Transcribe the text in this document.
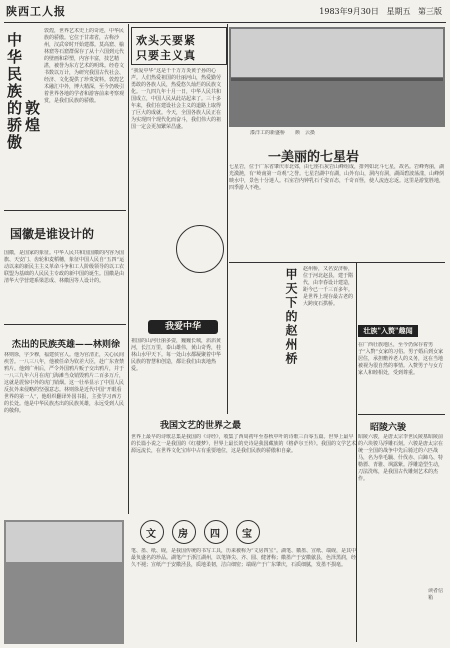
陕西工人报	1983年9月30日 星期五 第三版
中华民族的骄傲 敦煌
敦煌，世界艺术史上的奇迹，中华民族的骄傲。它位于甘肃省，古称沙州，汉武帝时开始建郡。莫高窟、榆林窟等石窟群保存了从十六国到元代的壁画和彩塑，内容丰富，技艺精湛，被誉为东方艺术的明珠。经卷文书数以万计，为研究我国古代社会、经济、文化提供了珍贵资料。敦煌艺术融汇中外，博大精深，至今仍吸引着世界各地的学者和游客前来考察观赏，是我们民族的骄傲。
欢头天要紧
只要主义真
“我爱中华”这是千千万万炎黄子孙的心声。人们热爱祖国的壮丽河山，热爱勤劳勇敢的各族人民，热爱悠久灿烂的民族文化。一九四九年十月一日，中华人民共和国成立，中国人民从此站起来了。三十多年来，我们在建设社会主义的道路上取得了巨大的成就。今天，全国各族人民正在为实现四个现代化而奋斗，我们伟大的祖国一定会更加繁荣昌盛。
漆洋工的新盛桥　　颜　云摄
一美丽的七星岩
七星岩，位于广东省肇庆市北郊，由七座石灰岩山峰组成，排列如北斗七星，故名。岩峰秀丽，湖光潋滟，有“岭南第一奇观”之誉。七星岩湖中有湖，山外有山，洞内有洞，湖面碧波荡漾，山峰倒映水中，景色十分迷人。石室岩内钟乳石千姿百态，千奇百怪，使人流连忘返。这里是游览胜地，四季游人不绝。
国徽是谁设计的
国徽，是国家的象征。中华人民共和国国徽的内容为国旗、天安门、齿轮和麦稻穗，象征中国人民自“五四”运动以来的新民主主义革命斗争和工人阶级领导的以工农联盟为基础的人民民主专政的新中国的诞生。国徽是由清华大学营建系梁思成、林徽因等人设计的。
我爱中华
祖国的山河壮丽多姿，巍巍长城，滔滔黄河，长江万里，泰山雄伟，黄山奇秀，桂林山水甲天下。每一处山水都凝聚着中华民族的智慧和创造，都让我们由衷地热爱。
甲天下的赵州桥	赵州桥，又名安济桥，位于河北赵县，建于隋代，由李春设计建造，距今已一千三百多年。是世界上现存最古老的大跨度石拱桥。
壮族"入赘"趣闻
在广西壮族地区，至今仍保存着男子“入赘”女家的习俗。男子婚后到女家居住，承担赡养老人的义务，这在当地被视为很自然的事情。入赘男子与女方家人和睦相处，受到尊重。
杰出的民族英雄——林则徐
林则徐，字少穆，福建侯官人。他为官清正，关心民间疾苦。一八三八年，他被任命为钦差大臣，赴广东查禁鸦片。他到广州后，严令外国鸦片贩子交出鸦片，并于一八三九年六月在虎门海滩当众销毁鸦片二百多万斤，这就是震惊中外的虎门销烟。这一壮举显示了中国人民反抗外来侵略的坚强意志。林则徐是近代中国“开眼看世界的第一人”，他组织翻译外国书报，主张学习西方的长处。他是中华民族杰出的民族英雄，永远受到人民的敬仰。
我国文艺的世界之最
世界上最早的诗歌总集是我国的《诗经》，收集了西周初年至春秋中叶的诗歌三百零五篇。世界上最早的长篇小说之一是我国的《红楼梦》，世界上最长的史诗是我国藏族的《格萨尔王传》。我国的文学艺术源远流长，在世界文化宝库中占有重要地位，这是我们民族的骄傲和自豪。
文 房 四 宝
笔、墨、纸、砚，是我国传统的书写工具，历来被称为“文房四宝”。湖笔、徽墨、宣纸、端砚，是其中最负盛名的珍品。湖笔产于浙江湖州，以笔锋尖、齐、圆、健著称；徽墨产于安徽歙县，色泽黑润，经久不褪；宣纸产于安徽泾县，质地柔韧，洁白细密；端砚产于广东肇庆，石质细腻，发墨不损毫。
昭陵六骏
昭陵六骏，是唐太宗李世民陵墓昭陵前的六块骏马浮雕石刻。六骏是唐太宗在统一全国的战争中先后骑过的六匹战马，名为拳毛騧、什伐赤、白蹄乌、特勒骠、青骓、飒露紫。浮雕造型生动，刀法洗练，是我国古代雕刻艺术的杰作。
读者信箱
